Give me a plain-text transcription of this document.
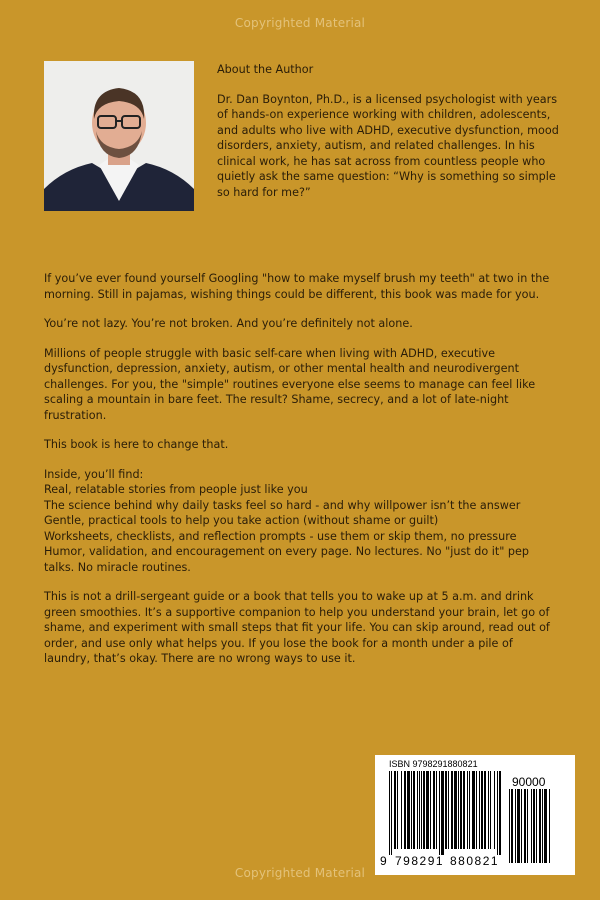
Copyrighted Material
About the Author

Dr. Dan Boynton, Ph.D., is a licensed psychologist with years of hands-on experience working with children, adolescents, and adults who live with ADHD, executive dysfunction, mood disorders, anxiety, autism, and related challenges. In his clinical work, he has sat across from countless people who quietly ask the same question: “Why is something so simple so hard for me?”

If you’ve ever found yourself Googling "how to make myself brush my teeth" at two in the morning. Still in pajamas, wishing things could be different, this book was made for you.

You’re not lazy. You’re not broken. And you’re definitely not alone.

Millions of people struggle with basic self-care when living with ADHD, executive dysfunction, depression, anxiety, autism, or other mental health and neurodivergent challenges. For you, the "simple" routines everyone else seems to manage can feel like scaling a mountain in bare feet. The result? Shame, secrecy, and a lot of late-night frustration.

This book is here to change that.

Inside, you’ll find:

Real, relatable stories from people just like you
The science behind why daily tasks feel so hard - and why willpower isn’t the answer
Gentle, practical tools to help you take action (without shame or guilt)
Worksheets, checklists, and reflection prompts - use them or skip them, no pressure
Humor, validation, and encouragement on every page. No lectures. No "just do it" pep talks. No miracle routines.

This is not a drill-sergeant guide or a book that tells you to wake up at 5 a.m. and drink green smoothies. It’s a supportive companion to help you understand your brain, let go of shame, and experiment with small steps that fit your life. You can skip around, read out of order, and use only what helps you. If you lose the book for a month under a pile of laundry, that’s okay. There are no wrong ways to use it.

ISBN 9798291880821
90000
9 798291 880821
Copyrighted Material
